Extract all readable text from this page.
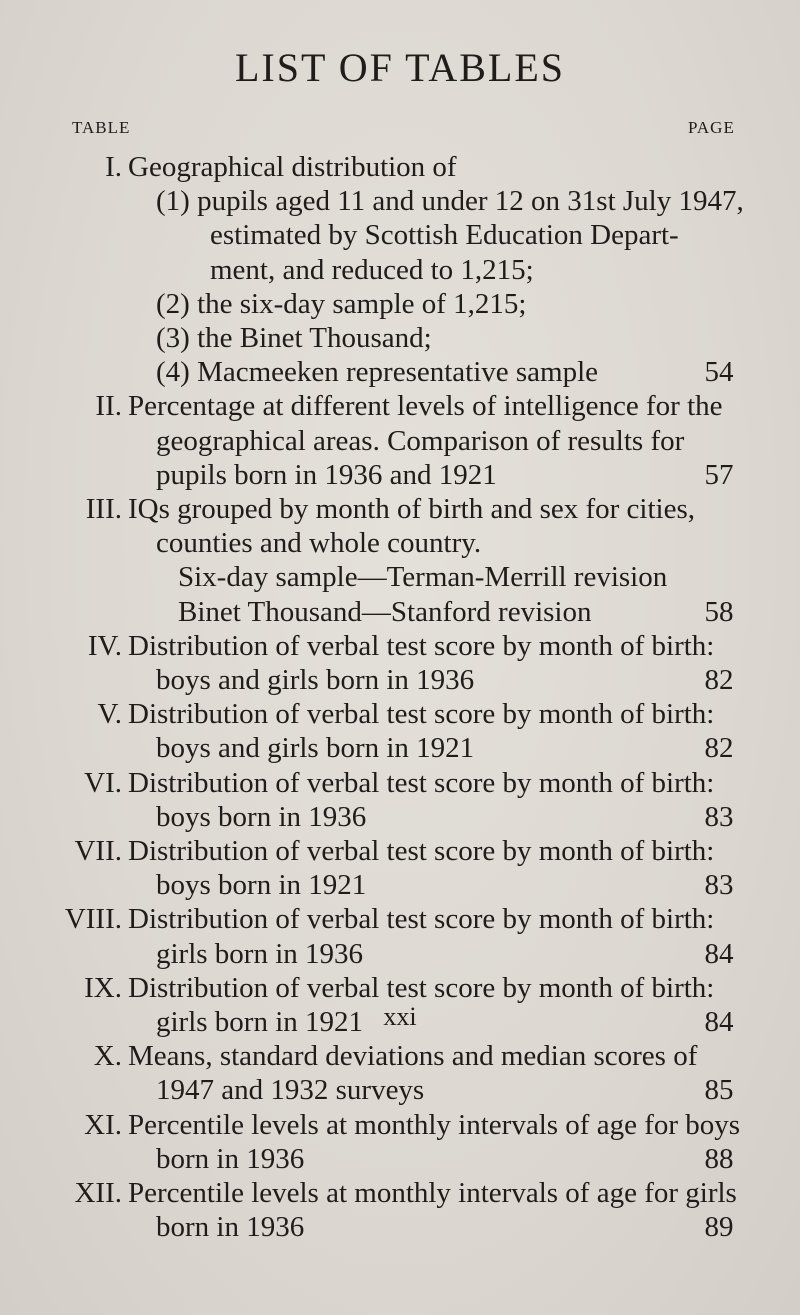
LIST OF TABLES
TABLE	PAGE
I. Geographical distribution of
(1) pupils aged 11 and under 12 on 31st July 1947,
estimated by Scottish Education Depart-
ment, and reduced to 1,215;
(2) the six-day sample of 1,215;
(3) the Binet Thousand;
(4) Macmeeken representative sample	54
II. Percentage at different levels of intelligence for the
geographical areas. Comparison of results for
pupils born in 1936 and 1921	57
III. IQs grouped by month of birth and sex for cities,
counties and whole country.
Six-day sample—Terman-Merrill revision
Binet Thousand—Stanford revision	58
IV. Distribution of verbal test score by month of birth:
boys and girls born in 1936	82
V. Distribution of verbal test score by month of birth:
boys and girls born in 1921	82
VI. Distribution of verbal test score by month of birth:
boys born in 1936	83
VII. Distribution of verbal test score by month of birth:
boys born in 1921	83
VIII. Distribution of verbal test score by month of birth:
girls born in 1936	84
IX. Distribution of verbal test score by month of birth:
girls born in 1921	84
X. Means, standard deviations and median scores of
1947 and 1932 surveys	85
XI. Percentile levels at monthly intervals of age for boys
born in 1936	88
XII. Percentile levels at monthly intervals of age for girls
born in 1936	89
xxi
